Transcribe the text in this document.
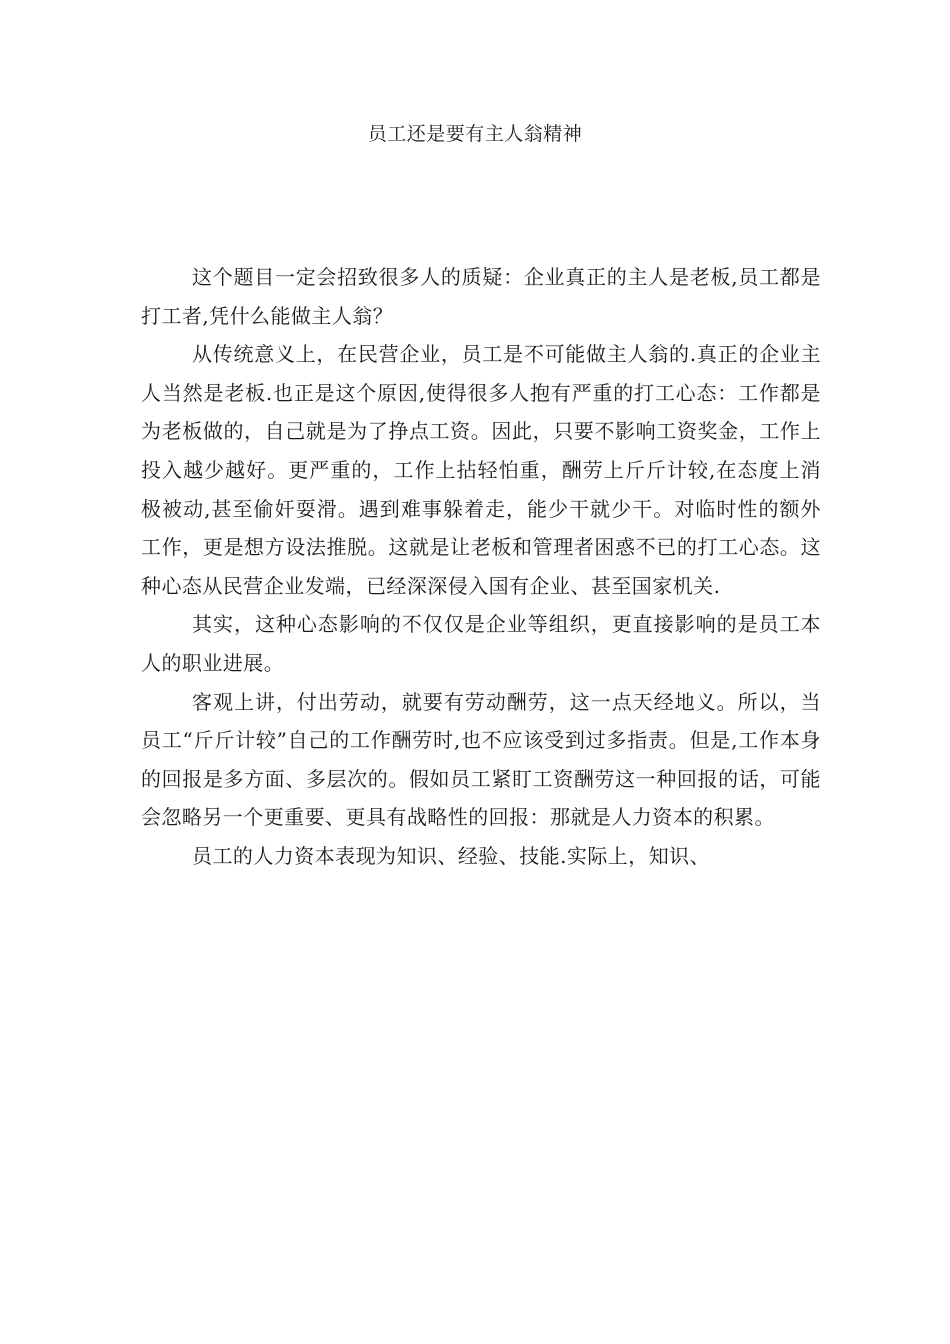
员工还是要有主人翁精神

这个题目一定会招致很多人的质疑：企业真正的主人是老板,员工都是打工者,凭什么能做主人翁？

从传统意义上，在民营企业，员工是不可能做主人翁的.真正的企业主人当然是老板.也正是这个原因,使得很多人抱有严重的打工心态：工作都是为老板做的，自己就是为了挣点工资。因此，只要不影响工资奖金，工作上投入越少越好。更严重的，工作上拈轻怕重，酬劳上斤斤计较,在态度上消极被动,甚至偷奸耍滑。遇到难事躲着走，能少干就少干。对临时性的额外工作，更是想方设法推脱。这就是让老板和管理者困惑不已的打工心态。这种心态从民营企业发端，已经深深侵入国有企业、甚至国家机关.

其实，这种心态影响的不仅仅是企业等组织，更直接影响的是员工本人的职业进展。

客观上讲，付出劳动，就要有劳动酬劳，这一点天经地义。所以，当员工“斤斤计较”自己的工作酬劳时,也不应该受到过多指责。但是,工作本身的回报是多方面、多层次的。假如员工紧盯工资酬劳这一种回报的话，可能会忽略另一个更重要、更具有战略性的回报：那就是人力资本的积累。

员工的人力资本表现为知识、经验、技能.实际上，知识、
